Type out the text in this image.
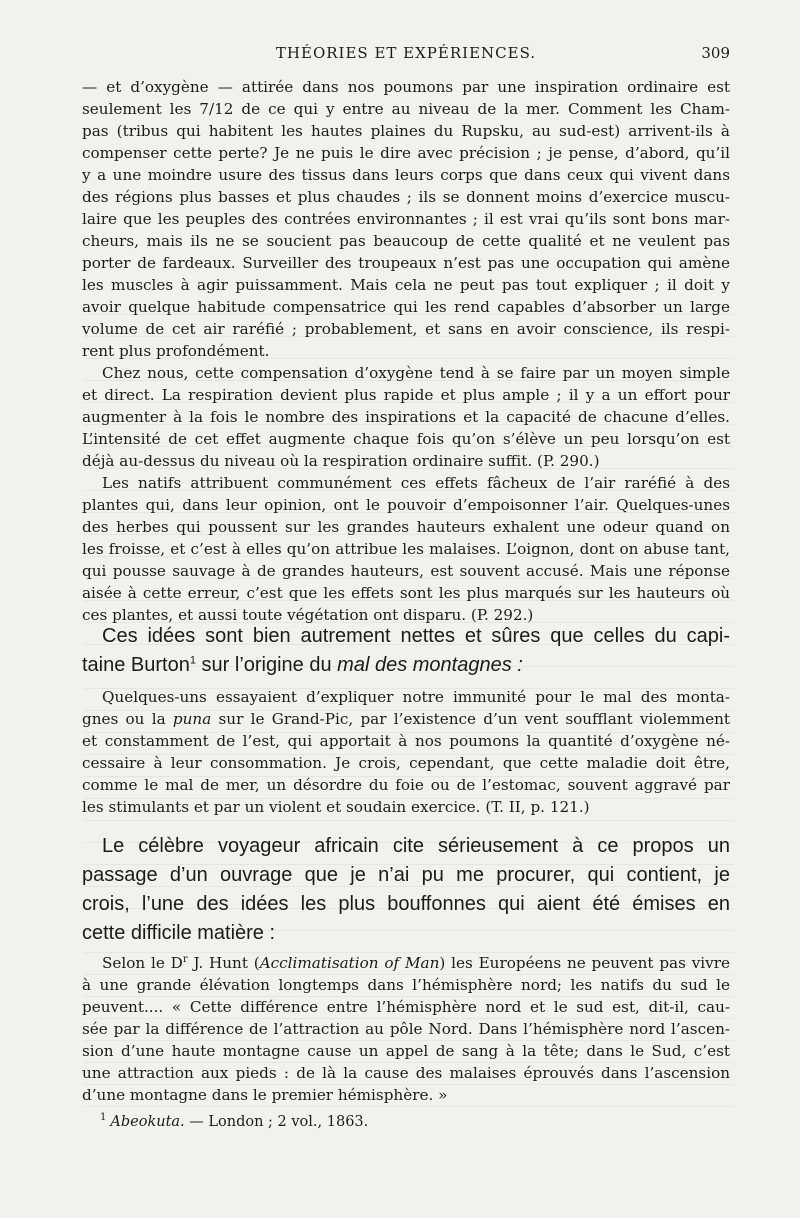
THÉORIES ET EXPÉRIENCES.	309
— et d’oxygène — attirée dans nos poumons par une inspiration ordinaire est
seulement les 7/12 de ce qui y entre au niveau de la mer. Comment les Cham-
pas (tribus qui habitent les hautes plaines du Rupsku, au sud-est) arrivent-ils à
compenser cette perte? Je ne puis le dire avec précision ; je pense, d’abord, qu’il
y a une moindre usure des tissus dans leurs corps que dans ceux qui vivent dans
des régions plus basses et plus chaudes ; ils se donnent moins d’exercice muscu-
laire que les peuples des contrées environnantes ; il est vrai qu’ils sont bons mar-
cheurs, mais ils ne se soucient pas beaucoup de cette qualité et ne veulent pas
porter de fardeaux. Surveiller des troupeaux n’est pas une occupation qui amène
les muscles à agir puissamment. Mais cela ne peut pas tout expliquer ; il doit y
avoir quelque habitude compensatrice qui les rend capables d’absorber un large
volume de cet air raréfié ; probablement, et sans en avoir conscience, ils respi-
rent plus profondément.
Chez nous, cette compensation d’oxygène tend à se faire par un moyen simple
et direct. La respiration devient plus rapide et plus ample ; il y a un effort pour
augmenter à la fois le nombre des inspirations et la capacité de chacune d’elles.
L’intensité de cet effet augmente chaque fois qu’on s’élève un peu lorsqu’on est
déjà au-dessus du niveau où la respiration ordinaire suffit. (P. 290.)
Les natifs attribuent communément ces effets fâcheux de l’air raréfié à des
plantes qui, dans leur opinion, ont le pouvoir d’empoisonner l’air. Quelques-unes
des herbes qui poussent sur les grandes hauteurs exhalent une odeur quand on
les froisse, et c’est à elles qu’on attribue les malaises. L’oignon, dont on abuse tant,
qui pousse sauvage à de grandes hauteurs, est souvent accusé. Mais une réponse
aisée à cette erreur, c’est que les effets sont les plus marqués sur les hauteurs où
ces plantes, et aussi toute végétation ont disparu. (P. 292.)
Ces idées sont bien autrement nettes et sûres que celles du capi-
taine Burton$^1$ sur l’origine du mal des montagnes :
Quelques-uns essayaient d’expliquer notre immunité pour le mal des monta-
gnes ou la puna sur le Grand-Pic, par l’existence d’un vent soufflant violemment
et constamment de l’est, qui apportait à nos poumons la quantité d’oxygène né-
cessaire à leur consommation. Je crois, cependant, que cette maladie doit être,
comme le mal de mer, un désordre du foie ou de l’estomac, souvent aggravé par
les stimulants et par un violent et soudain exercice. (T. II, p. 121.)
Le célèbre voyageur africain cite sérieusement à ce propos un
passage d’un ouvrage que je n’ai pu me procurer, qui contient, je
crois, l’une des idées les plus bouffonnes qui aient été émises en
cette difficile matière :
Selon le $D^r$ J. Hunt (Acclimatisation of Man) les Européens ne peuvent pas vivre
à une grande élévation longtemps dans l’hémisphère nord; les natifs du sud le
peuvent.... « Cette différence entre l’hémisphère nord et le sud est, dit-il, cau-
sée par la différence de l’attraction au pôle Nord. Dans l’hémisphère nord l’ascen-
sion d’une haute montagne cause un appel de sang à la tête; dans le Sud, c’est
une attraction aux pieds : de là la cause des malaises éprouvés dans l’ascension
d’une montagne dans le premier hémisphère. »
$^1$ Abeokuta. — London ; 2 vol., 1863.
